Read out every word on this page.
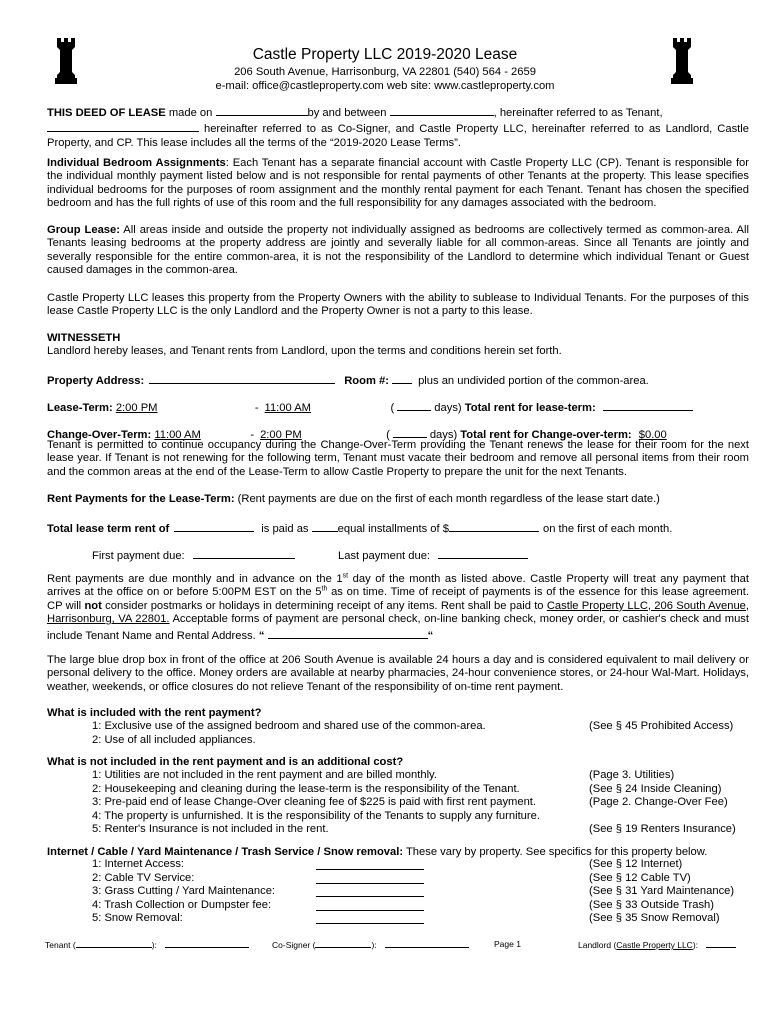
Castle Property LLC 2019-2020 Lease
206 South Avenue, Harrisonburg, VA 22801 (540) 564 - 2659
e-mail: office@castleproperty.com web site: www.castleproperty.com
THIS DEED OF LEASE made on	by and between	, hereinafter referred to as Tenant,
hereinafter referred to as Co-Signer, and Castle Property LLC, hereinafter referred to as Landlord, Castle Property, and CP. This lease includes all the terms of the “2019-2020 Lease Terms”.
Individual Bedroom Assignments: Each Tenant has a separate financial account with Castle Property LLC (CP). Tenant is responsible for the individual monthly payment listed below and is not responsible for rental payments of other Tenants at the property. This lease specifies individual bedrooms for the purposes of room assignment and the monthly rental payment for each Tenant. Tenant has chosen the specified bedroom and has the full rights of use of this room and the full responsibility for any damages associated with the bedroom.
Group Lease: All areas inside and outside the property not individually assigned as bedrooms are collectively termed as common-area. All Tenants leasing bedrooms at the property address are jointly and severally liable for all common-areas. Since all Tenants are jointly and severally responsible for the entire common-area, it is not the responsibility of the Landlord to determine which individual Tenant or Guest caused damages in the common-area.
Castle Property LLC leases this property from the Property Owners with the ability to sublease to Individual Tenants. For the purposes of this lease Castle Property LLC is the only Landlord and the Property Owner is not a party to this lease.
WITNESSETH
Landlord hereby leases, and Tenant rents from Landlord, upon the terms and conditions herein set forth.
Property Address:	Room #:	plus an undivided portion of the common-area.
Lease-Term: 2:00 PM	- 11:00 AM	(	days) Total rent for lease-term:
Change-Over-Term: 11:00 AM	- 2:00 PM	(	days) Total rent for Change-over-term: $0.00
Tenant is permitted to continue occupancy during the Change-Over-Term providing the Tenant renews the lease for their room for the next lease year. If Tenant is not renewing for the following term, Tenant must vacate their bedroom and remove all personal items from their room and the common areas at the end of the Lease-Term to allow Castle Property to prepare the unit for the next Tenants.
Rent Payments for the Lease-Term: (Rent payments are due on the first of each month regardless of the lease start date.)
Total lease term rent of	is paid as	equal installments of $	on the first of each month.
First payment due:	Last payment due:
Rent payments are due monthly and in advance on the 1st day of the month as listed above. Castle Property will treat any payment that arrives at the office on or before 5:00PM EST on the 5th as on time. Time of receipt of payments is of the essence for this lease agreement. CP will not consider postmarks or holidays in determining receipt of any items. Rent shall be paid to Castle Property LLC, 206 South Avenue, Harrisonburg, VA 22801. Acceptable forms of payment are personal check, on-line banking check, money order, or cashier's check and must include Tenant Name and Rental Address. “	“
The large blue drop box in front of the office at 206 South Avenue is available 24 hours a day and is considered equivalent to mail delivery or personal delivery to the office. Money orders are available at nearby pharmacies, 24-hour convenience stores, or 24-hour Wal-Mart. Holidays, weather, weekends, or office closures do not relieve Tenant of the responsibility of on-time rent payment.
What is included with the rent payment?
1: Exclusive use of the assigned bedroom and shared use of the common-area.	(See § 45 Prohibited Access)
2: Use of all included appliances.
What is not included in the rent payment and is an additional cost?
1: Utilities are not included in the rent payment and are billed monthly.	(Page 3. Utilities)
2: Housekeeping and cleaning during the lease-term is the responsibility of the Tenant.	(See § 24 Inside Cleaning)
3: Pre-paid end of lease Change-Over cleaning fee of $225 is paid with first rent payment.	(Page 2. Change-Over Fee)
4: The property is unfurnished. It is the responsibility of the Tenants to supply any furniture.
5: Renter's Insurance is not included in the rent.	(See § 19 Renters Insurance)
Internet / Cable / Yard Maintenance / Trash Service / Snow removal: These vary by property. See specifics for this property below.
1: Internet Access:	(See § 12 Internet)
2: Cable TV Service:	(See § 12 Cable TV)
3: Grass Cutting / Yard Maintenance:	(See § 31 Yard Maintenance)
4: Trash Collection or Dumpster fee:	(See § 33 Outside Trash)
5: Snow Removal:	(See § 35 Snow Removal)
Tenant (	):	Co-Signer (	):	Page 1	Landlord (Castle Property LLC):
